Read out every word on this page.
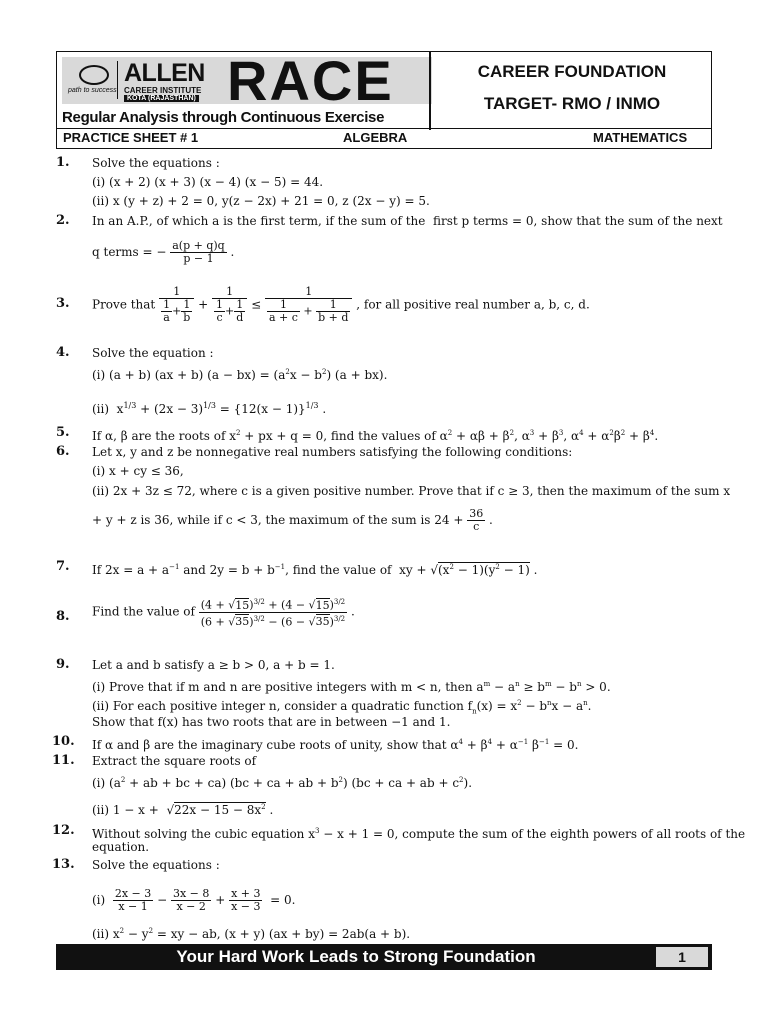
path to success
ALLEN
CAREER INSTITUTE
KOTA (RAJASTHAN) RACE
Regular Analysis through Continuous Exercise
CAREER FOUNDATION
TARGET- RMO / INMO
PRACTICE SHEET # 1	ALGEBRA	MATHEMATICS
1. Solve the equations :
(i) (x + 2) (x + 3) (x − 4) (x − 5) = 44.
(ii) x (y + z) + 2 = 0, y(z − 2x) + 21 = 0, z (2x − y) = 5.
2. In an A.P., of which a is the first term, if the sum of the  first p terms = 0, show that the sum of the next
q terms = − $\frac{a(p + q)q}{p - 1}$ .
3. Prove that $\frac{1}{\frac{1}{a} + \frac{1}{b}} + \frac{1}{\frac{1}{c} + \frac{1}{d}} \le \frac{1}{\frac{1}{a + c} + \frac{1}{b + d}}$ , for all positive real number a, b, c, d.
4. Solve the equation :
(i) (a + b) (ax + b) $(a - bx) = (a^2x - b^2) (a + bx)$.
(ii)  $x^{1/3} + (2x - 3)^{1/3} = \{12(x - 1)\}^{1/3}$ .
5. If α, β are the roots of $x^2$ + px + q = 0, find the values of $\alpha^2 + \alpha\beta + \beta^2$, $\alpha^3 + \beta^3$, $\alpha^4 + \alpha^2\beta^2 + \beta^4$.
6. Let x, y and z be nonnegative real numbers satisfying the following conditions:
(i) x + cy ≤ 36,
(ii) 2x + 3z ≤ 72, where c is a given positive number. Prove that if c ≥ 3, then the maximum of the sum x
+ y + z is 36, while if c < 3, the maximum of the sum is $24 + \frac{36}{c}$ .
7. If $2x = a + a^{-1}$ and $2y = b + b^{-1}$, find the value of  xy + $√(x^2 - 1)(y^2 - 1)$ .
8. Find the value of $\frac{(4 + √15)^{3/2} + (4 - √15)^{3/2}}{(6 + √35)^{3/2} - (6 - √35)^{3/2}}$ .
9. Let a and b satisfy a ≥ b > 0, a + b = 1.
(i) Prove that if m and n are positive integers with m < n, then $a^m - a^n \ge b^m - b^n > 0$.
(ii) For each positive integer n, consider a quadratic function $f_n(x) = x^2 - b^nx - a^n$.
Show that f(x) has two roots that are in between −1 and 1.
10. If α and β are the imaginary cube roots of unity, show that $\alpha^4 + \beta^4 + \alpha^{-1}$ $\beta^{-1} = 0$.
11. Extract the square roots of
(i) ($a^2$ + ab + bc + ca) (bc + ca + ab + $b^2$) (bc + ca + ab + $c^2$).
(ii) $1 - x + √22x - 15 - 8x^2$ .
12. Without solving the cubic equation $x^3 - x + 1 = 0$, compute the sum of the eighth powers of all roots of the
equation.
13. Solve the equations :
$(i) \frac{2x - 3}{x - 1} - \frac{3x - 8}{x - 2} + \frac{x + 3}{x - 3} = 0$.
(ii) $x^2 - y^2$ = xy − ab, (x + y) (ax + by) = 2ab(a + b).
Your Hard Work Leads to Strong Foundation	1
